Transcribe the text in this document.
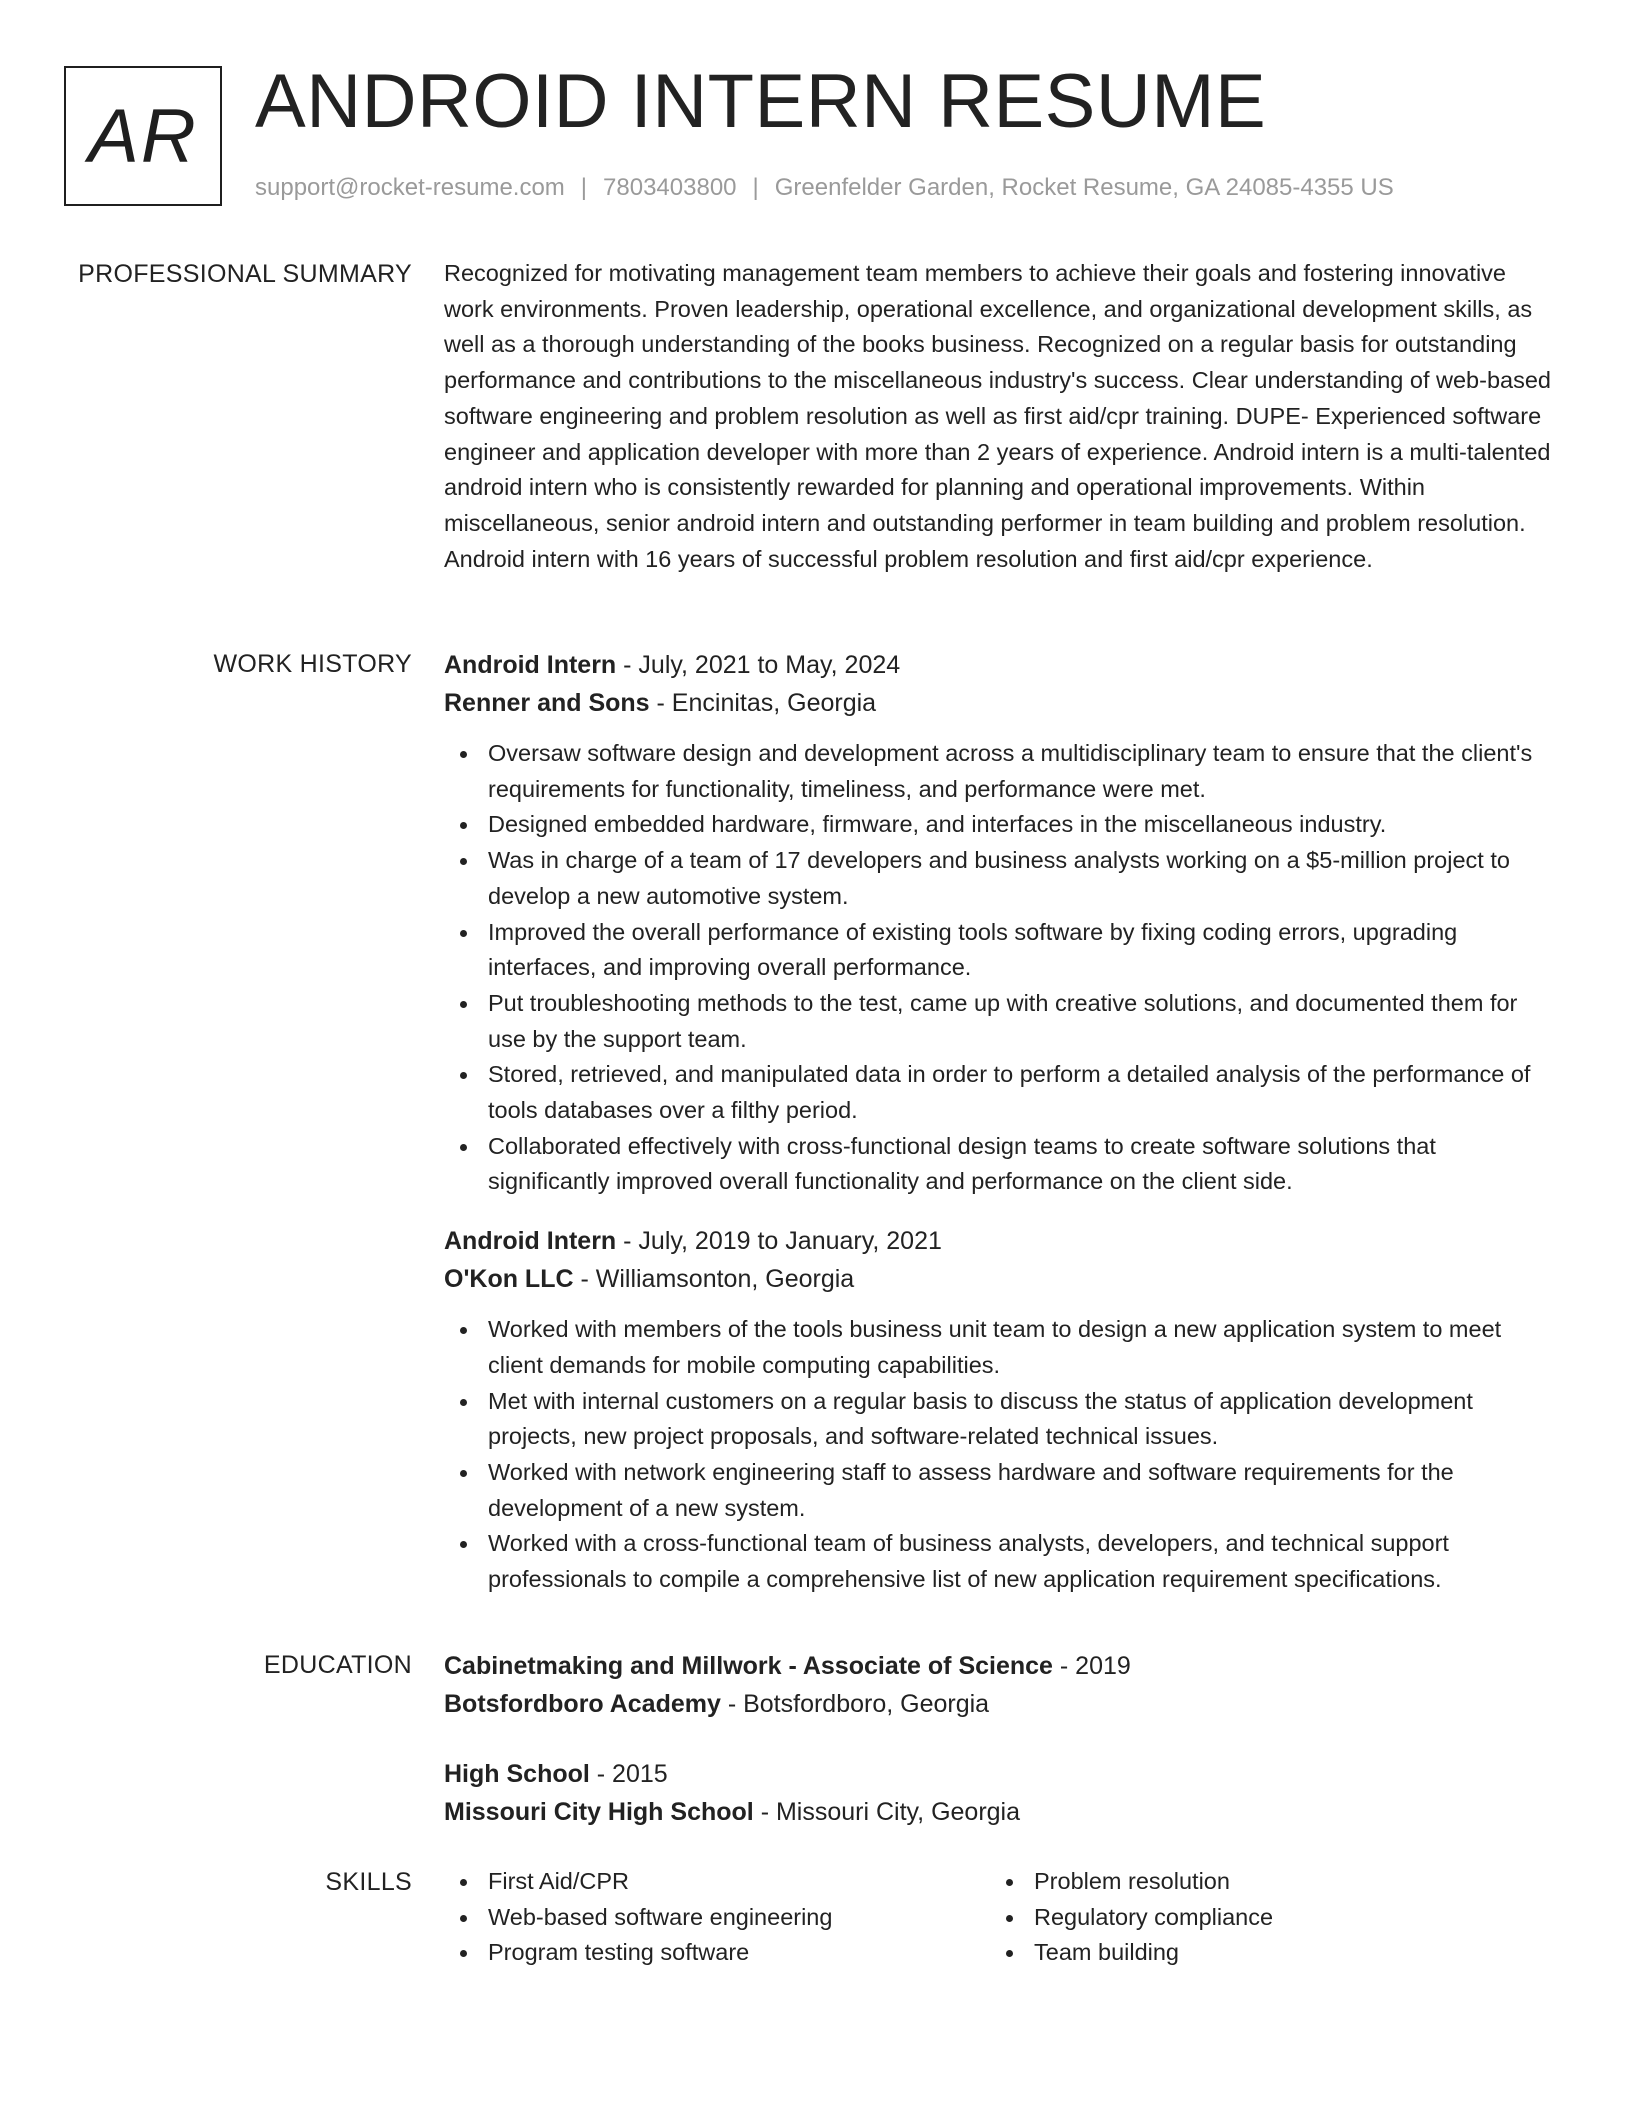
AR ANDROID INTERN RESUME
support@rocket-resume.com | 7803403800 | Greenfelder Garden, Rocket Resume, GA 24085-4355 US
PROFESSIONAL SUMMARY Recognized for motivating management team members to achieve their goals and fostering innovative work environments. Proven leadership, operational excellence, and organizational development skills, as well as a thorough understanding of the books business. Recognized on a regular basis for outstanding performance and contributions to the miscellaneous industry's success. Clear understanding of web-based software engineering and problem resolution as well as first aid/cpr training. DUPE- Experienced software engineer and application developer with more than 2 years of experience. Android intern is a multi-talented android intern who is consistently rewarded for planning and operational improvements. Within miscellaneous, senior android intern and outstanding performer in team building and problem resolution. Android intern with 16 years of successful problem resolution and first aid/cpr experience.

WORK HISTORY Android Intern - July, 2021 to May, 2024
Renner and Sons - Encinitas, Georgia
Oversaw software design and development across a multidisciplinary team to ensure that the client's requirements for functionality, timeliness, and performance were met.
Designed embedded hardware, firmware, and interfaces in the miscellaneous industry.
Was in charge of a team of 17 developers and business analysts working on a $5-million project to develop a new automotive system.
Improved the overall performance of existing tools software by fixing coding errors, upgrading interfaces, and improving overall performance.
Put troubleshooting methods to the test, came up with creative solutions, and documented them for use by the support team.
Stored, retrieved, and manipulated data in order to perform a detailed analysis of the performance of tools databases over a filthy period.
Collaborated effectively with cross-functional design teams to create software solutions that significantly improved overall functionality and performance on the client side.
Android Intern - July, 2019 to January, 2021
O'Kon LLC - Williamsonton, Georgia
Worked with members of the tools business unit team to design a new application system to meet client demands for mobile computing capabilities.
Met with internal customers on a regular basis to discuss the status of application development projects, new project proposals, and software-related technical issues.
Worked with network engineering staff to assess hardware and software requirements for the development of a new system.
Worked with a cross-functional team of business analysts, developers, and technical support professionals to compile a comprehensive list of new application requirement specifications.
EDUCATION Cabinetmaking and Millwork - Associate of Science - 2019
Botsfordboro Academy - Botsfordboro, Georgia
High School - 2015
Missouri City High School - Missouri City, Georgia
SKILLS	First Aid/CPR
Web-based software engineering
Program testing software
Problem resolution
Regulatory compliance
Team building
